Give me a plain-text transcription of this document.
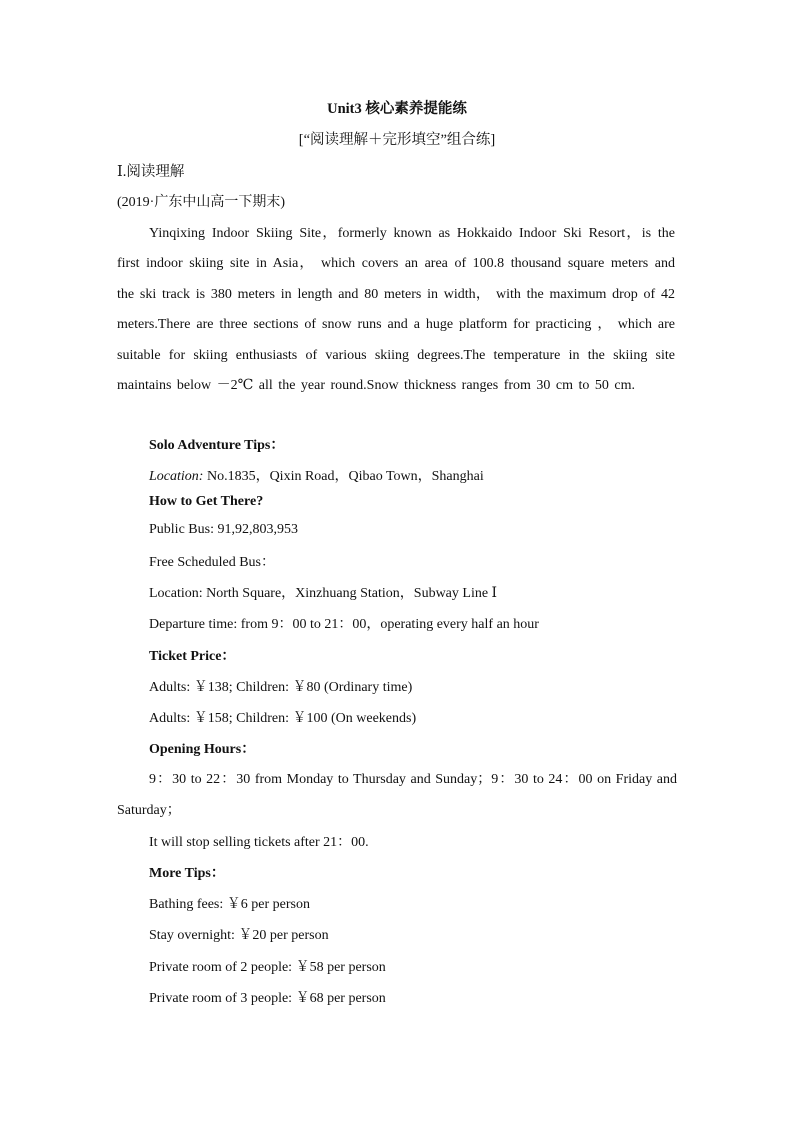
Unit3 核心素养提能练
[“阅读理解＋完形填空”组合练]
Ⅰ.阅读理解
(2019·广东中山高一下期末)
Yinqixing Indoor Skiing Site，formerly known as Hokkaido Indoor Ski Resort，is the first indoor skiing site in Asia， which covers an area of 100.8 thousand square meters and the ski track is 380 meters in length and 80 meters in width， with the maximum drop of 42 meters.There are three sections of snow runs and a huge platform for practicing ， which are suitable for skiing enthusiasts of various skiing degrees.The temperature in the skiing site maintains below －2℃ all the year round.Snow thickness ranges from 30 cm to 50 cm.
Solo Adventure Tips：
Location: No.1835，Qixin Road，Qibao Town，Shanghai
How to Get There?
Public Bus: 91,92,803,953
Free Scheduled Bus：
Location: North Square，Xinzhuang Station，Subway Line Ⅰ
Departure time: from 9：00 to 21：00，operating every half an hour
Ticket Price：
Adults: ￥138; Children: ￥80 (Ordinary time)
Adults: ￥158; Children: ￥100 (On weekends)
Opening Hours：
9：30 to 22：30 from Monday to Thursday and Sunday；9：30 to 24：00 on Friday and Saturday；
It will stop selling tickets after 21：00.
More Tips：
Bathing fees: ￥6 per person
Stay overnight: ￥20 per person
Private room of 2 people: ￥58 per person
Private room of 3 people: ￥68 per person
